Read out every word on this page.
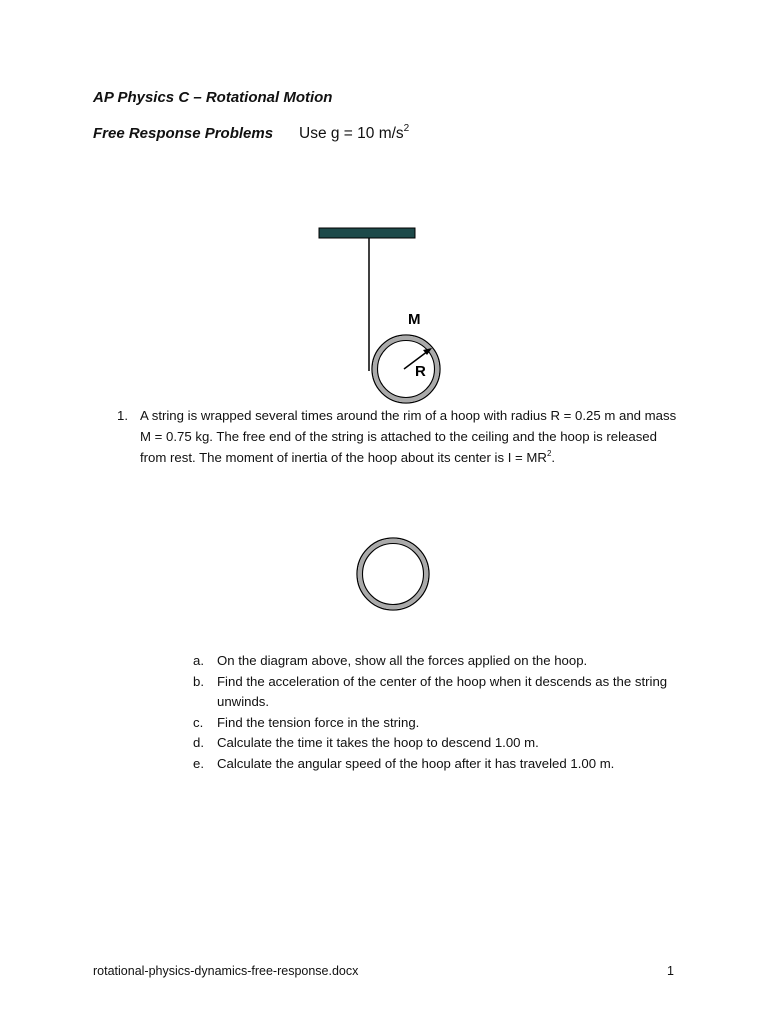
AP Physics C – Rotational Motion
Free Response Problems Use g = 10 $m/s^2$
M
R
1. A string is wrapped several times around the rim of a hoop with radius R = 0.25 m and mass M = 0.75 kg. The free end of the string is attached to the ceiling and the hoop is released from rest. The moment of inertia of the hoop about its center is $I = MR^2$.
a. On the diagram above, show all the forces applied on the hoop.
b. Find the acceleration of the center of the hoop when it descends as the string unwinds.
c. Find the tension force in the string.
d. Calculate the time it takes the hoop to descend 1.00 m.
e. Calculate the angular speed of the hoop after it has traveled 1.00 m.
rotational-physics-dynamics-free-response.docx	1
